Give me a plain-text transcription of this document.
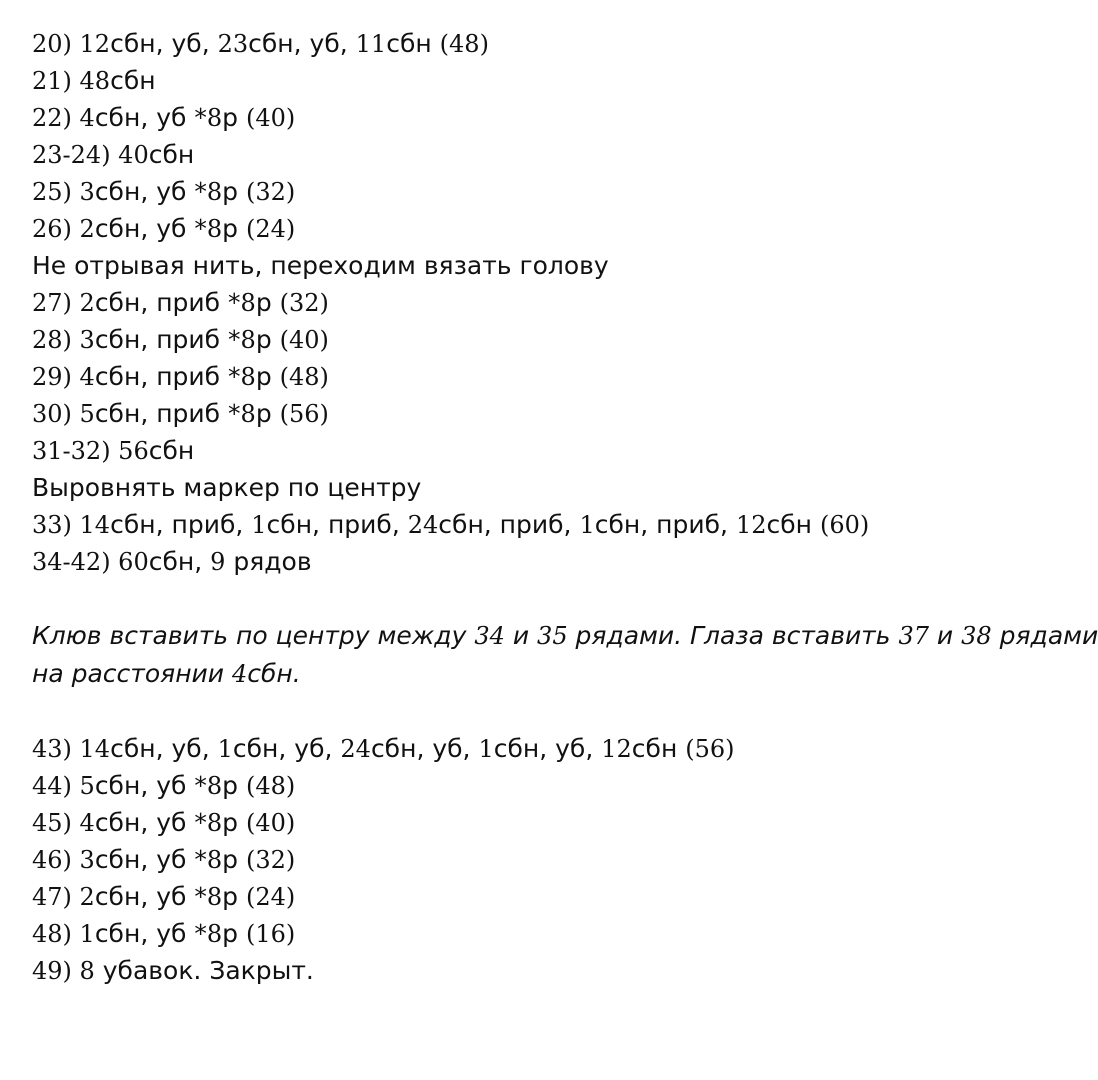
20) 12сбн, уб, 23сбн, уб, 11сбн (48)

21) 48сбн

22) 4сбн, уб *8р (40)

23-24) 40сбн

25) 3сбн, уб *8р (32)

26) 2сбн, уб *8р (24)

Не отрывая нить, переходим вязать голову

27) 2сбн, приб *8р (32)

28) 3сбн, приб *8р (40)

29) 4сбн, приб *8р (48)

30) 5сбн, приб *8р (56)

31-32) 56сбн

Выровнять маркер по центру

33) 14сбн, приб, 1сбн, приб, 24сбн, приб, 1сбн, приб, 12сбн (60)

34-42) 60сбн, 9 рядов

Клюв вставить по центру между 34 и 35 рядами. Глаза вставить 37 и 38 рядами

на расстоянии 4сбн.

43) 14сбн, уб, 1сбн, уб, 24сбн, уб, 1сбн, уб, 12сбн (56)

44) 5сбн, уб *8р (48)

45) 4сбн, уб *8р (40)

46) 3сбн, уб *8р (32)

47) 2сбн, уб *8р (24)

48) 1сбн, уб *8р (16)

49) 8 убавок. Закрыт.
